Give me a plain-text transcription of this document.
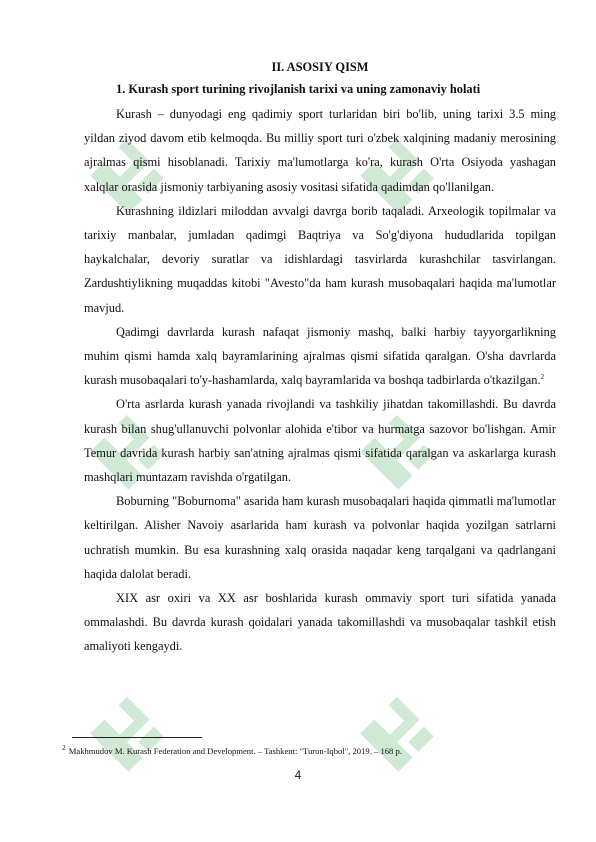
II. ASOSIY QISM
1. Kurash sport turining rivojlanish tarixi va uning zamonaviy holati

Kurash – dunyodagi eng qadimiy sport turlaridan biri bo'lib, uning tarixi 3.5 ming yildan ziyod davom etib kelmoqda. Bu milliy sport turi o'zbek xalqining madaniy merosining ajralmas qismi hisoblanadi. Tarixiy ma'lumotlarga ko'ra, kurash O'rta Osiyoda yashagan xalqlar orasida jismoniy tarbiyaning asosiy vositasi sifatida qadimdan qo'llanilgan.

Kurashning ildizlari miloddan avvalgi davrga borib taqaladi. Arxeologik topilmalar va tarixiy manbalar, jumladan qadimgi Baqtriya va So'g'diyona hududlarida topilgan haykalchalar, devoriy suratlar va idishlardagi tasvirlarda kurashchilar tasvirlangan. Zardushtiylikning muqaddas kitobi "Avesto"da ham kurash musobaqalari haqida ma'lumotlar mavjud.

Qadimgi davrlarda kurash nafaqat jismoniy mashq, balki harbiy tayyorgarlikning muhim qismi hamda xalq bayramlarining ajralmas qismi sifatida qaralgan. O'sha davrlarda kurash musobaqalari to'y-hashamlarda, xalq bayramlarida va boshqa tadbirlarda o'tkazilgan.$^2$

O'rta asrlarda kurash yanada rivojlandi va tashkiliy jihatdan takomillashdi. Bu davrda kurash bilan shug'ullanuvchi polvonlar alohida e'tibor va hurmatga sazovor bo'lishgan. Amir Temur davrida kurash harbiy san'atning ajralmas qismi sifatida qaralgan va askarlarga kurash mashqlari muntazam ravishda o'rgatilgan.

Boburning "Boburnoma" asarida ham kurash musobaqalari haqida qimmatli ma'lumotlar keltirilgan. Alisher Navoiy asarlarida ham kurash va polvonlar haqida yozilgan satrlarni uchratish mumkin. Bu esa kurashning xalq orasida naqadar keng tarqalgani va qadrlangani haqida dalolat beradi.

XIX asr oxiri va XX asr boshlarida kurash ommaviy sport turi sifatida yanada ommalashdi. Bu davrda kurash qoidalari yanada takomillashdi va musobaqalar tashkil etish amaliyoti kengaydi.

2 Makhmudov M. Kurash Federation and Development. – Tashkent: "Turon-Iqbol", 2019. – 168 p.
4
